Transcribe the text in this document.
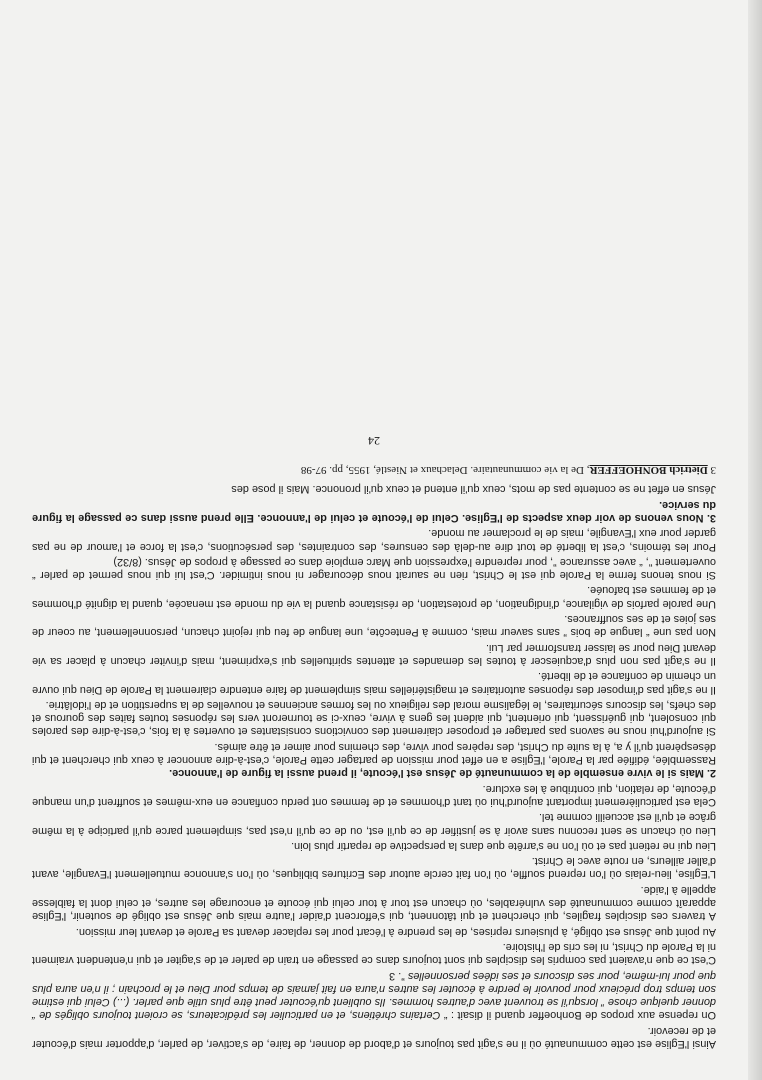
Ainsi l'Eglise est cette communauté où il ne s'agit pas toujours et d'abord de donner, de faire, de s'activer, de parler, d'apporter mais d'écouter et de recevoir.

On repense aux propos de Bonhoeffer quand il disait : “ Certains chrétiens, et en particulier les prédicateurs, se croient toujours obligés de “ donner quelque chose ” lorsqu'il se trouvent avec d'autres hommes. Ils oublient qu'écouter peut être plus utile que parler. (...) Celui qui estime son temps trop précieux pour pouvoir le perdre à écouter les autres n'aura en fait jamais de temps pour Dieu et le prochain ; il n'en aura plus que pour lui-même, pour ses discours et ses idées personnelles ”. 3

C'est ce que n'avaient pas compris les disciples qui sont toujours dans ce passage en train de parler et de s'agiter et qui n'entendent vraiment ni la Parole du Christ, ni les cris de l'histoire.

Au point que Jésus est obligé, à plusieurs reprises, de les prendre à l'écart pour les replacer devant sa Parole et devant leur mission.

A travers ces disciples fragiles, qui cherchent et qui tâtonnent, qui s'efforcent d'aider l'autre mais que Jésus est obligé de soutenir, l'Eglise apparaît comme communauté des vulnérables, où chacun est tour à tour celui qui écoute et encourage les autres, et celui dont la faiblesse appelle à l'aide.

L'Eglise, lieu-relais où l'on reprend souffle, où l'on fait cercle autour des Ecritures bibliques, où l'on s'annonce mutuellement l'Evangile, avant d'aller ailleurs, en route avec le Christ.

Lieu qui ne retient pas et où l'on ne s'arrête que dans la perspective de repartir plus loin.

Lieu où chacun se sent reconnu sans avoir à se justifier de ce qu'il est, ou de ce qu'il n'est pas, simplement parce qu'il participe à la même grâce et qu'il est accueilli comme tel.

Cela est particulièrement important aujourd'hui où tant d'hommes et de femmes ont perdu confiance en eux-mêmes et souffrent d'un manque d'écoute, de relation, qui contribue à les exclure.

2. Mais si le vivre ensemble de la communauté de Jésus est l'écoute, il prend aussi la figure de l'annonce.

Rassemblée, édifiée par la Parole, l'Eglise a en effet pour mission de partager cette Parole, c'est-à-dire annoncer à ceux qui cherchent et qui désespèrent qu'il y a, à la suite du Christ, des repères pour vivre, des chemins pour aimer et être aimés.

Si aujourd'hui nous ne savons pas partager et proposer clairement des convictions consistantes et ouvertes à la fois, c'est-à-dire des paroles qui consolent, qui guérissent, qui orientent, qui aident les gens à vivre, ceux-ci se tourneront vers les réponses toutes faites des gourous et des chefs, les discours sécuritaires, le légalisme moral des religieux ou les formes anciennes et nouvelles de la superstition et de l'idolâtrie.

Il ne s'agit pas d'imposer des réponses autoritaires et magistérielles mais simplement de faire entendre clairement la Parole de Dieu qui ouvre un chemin de confiance et de liberté.

Il ne s'agit pas non plus d'acquiescer à toutes les demandes et attentes spirituelles qui s'expriment, mais d'inviter chacun à placer sa vie devant Dieu pour se laisser transformer par Lui.

Non pas une “ langue de bois ” sans saveur mais, comme à Pentecôte, une langue de feu qui rejoint chacun, personnellement, au coeur de ses joies et de ses souffrances.

Une parole parfois de vigilance, d'indignation, de protestation, de résistance quand la vie du monde est menacée, quand la dignité d'hommes et de femmes est bafouée.

Si nous tenons ferme la Parole qui est le Christ, rien ne saurait nous décourager ni nous intimider. C'est lui qui nous permet de parler “ ouvertement ”, “ avec assurance ”, pour reprendre l'expression que Marc emploie dans ce passage à propos de Jésus. (8/32)

Pour les témoins, c'est la liberté de tout dire au-delà des censures, des contraintes, des persécutions, c'est la force et l'amour de ne pas garder pour eux l'Evangile, mais de le proclamer au monde.

3. Nous venons de voir deux aspects de l'Eglise. Celui de l'écoute et celui de l'annonce. Elle prend aussi dans ce passage la figure du service.

Jésus en effet ne se contente pas de mots, ceux qu'il entend et ceux qu'il prononce. Mais il pose des

3 Dietrich BONHOEFFER, De la vie communautaire. Delachaux et Niestlé, 1955, pp. 97-98
24
